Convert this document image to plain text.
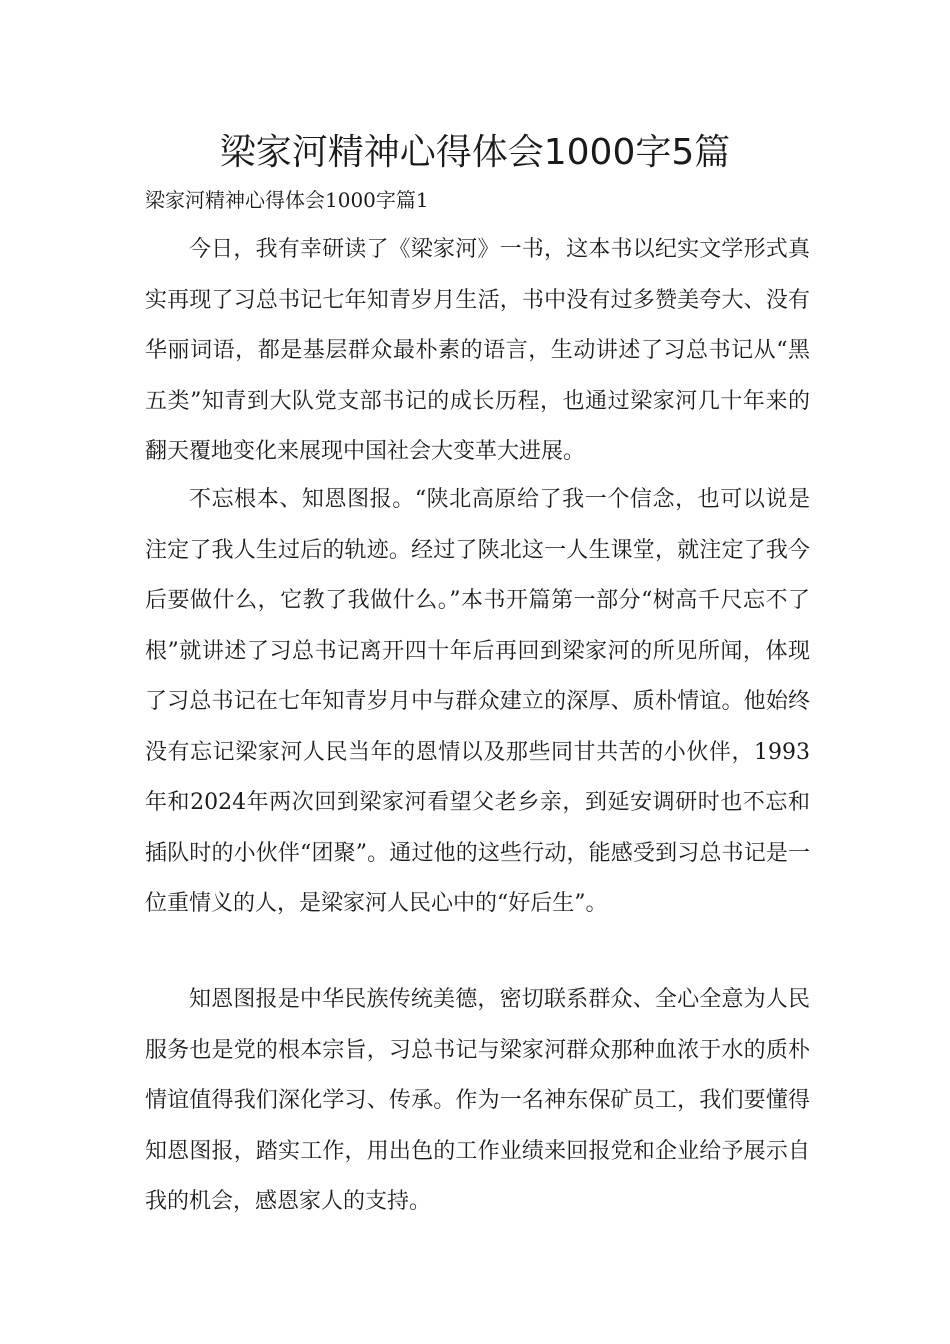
梁家河精神心得体会1000字5篇

梁家河精神心得体会1000字篇1

今日，我有幸研读了《梁家河》一书，这本书以纪实文学形式真实再现了习总书记七年知青岁月生活，书中没有过多赞美夸大、没有华丽词语，都是基层群众最朴素的语言，生动讲述了习总书记从“黑五类”知青到大队党支部书记的成长历程，也通过梁家河几十年来的翻天覆地变化来展现中国社会大变革大进展。

不忘根本、知恩图报。“陕北高原给了我一个信念，也可以说是注定了我人生过后的轨迹。经过了陕北这一人生课堂，就注定了我今后要做什么，它教了我做什么。”本书开篇第一部分“树高千尺忘不了根”就讲述了习总书记离开四十年后再回到梁家河的所见所闻，体现了习总书记在七年知青岁月中与群众建立的深厚、质朴情谊。他始终没有忘记梁家河人民当年的恩情以及那些同甘共苦的小伙伴，1993年和2024年两次回到梁家河看望父老乡亲，到延安调研时也不忘和插队时的小伙伴“团聚”。通过他的这些行动，能感受到习总书记是一位重情义的人，是梁家河人民心中的“好后生”。

知恩图报是中华民族传统美德，密切联系群众、全心全意为人民服务也是党的根本宗旨，习总书记与梁家河群众那种血浓于水的质朴情谊值得我们深化学习、传承。作为一名神东保矿员工，我们要懂得知恩图报，踏实工作，用出色的工作业绩来回报党和企业给予展示自我的机会，感恩家人的支持。
